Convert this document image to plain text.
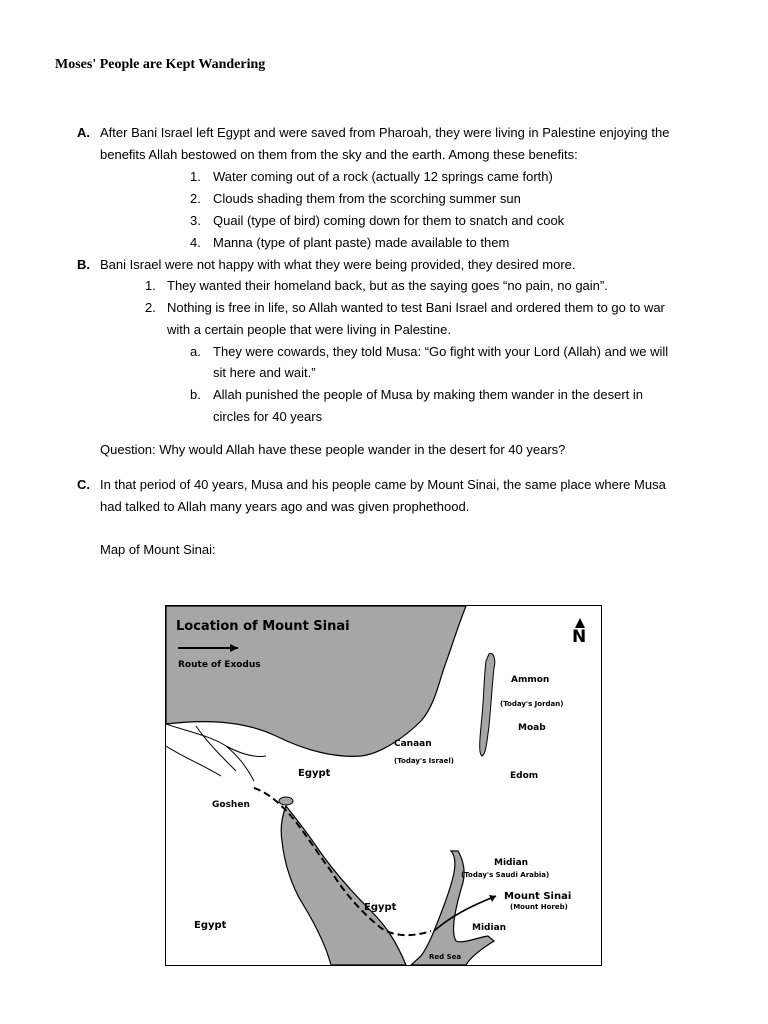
Moses' People are Kept Wandering
A. After Bani Israel left Egypt and were saved from Pharoah, they were living in Palestine enjoying the
benefits Allah bestowed on them from the sky and the earth. Among these benefits:
1. Water coming out of a rock (actually 12 springs came forth)
2. Clouds shading them from the scorching summer sun
3. Quail (type of bird) coming down for them to snatch and cook
4. Manna (type of plant paste) made available to them
B. Bani Israel were not happy with what they were being provided, they desired more.
1. They wanted their homeland back, but as the saying goes “no pain, no gain”.
2. Nothing is free in life, so Allah wanted to test Bani Israel and ordered them to go to war
with a certain people that were living in Palestine.
a. They were cowards, they told Musa: “Go fight with your Lord (Allah) and we will
sit here and wait.”
b. Allah punished the people of Musa by making them wander in the desert in
circles for 40 years
Question: Why would Allah have these people wander in the desert for 40 years?
C. In that period of 40 years, Musa and his people came by Mount Sinai, the same place where Musa
had talked to Allah many years ago and was given prophethood.
Map of Mount Sinai:
Location of Mount Sinai
N
Route of Exodus
Ammon
(Today's Jordan)
Moab
Canaan
(Today's Israel)
Edom
Egypt
Goshen
Midian
(Today's Saudi Arabia)
Mount Sinai
(Mount Horeb)
Egypt
Midian
Egypt
Red Sea
